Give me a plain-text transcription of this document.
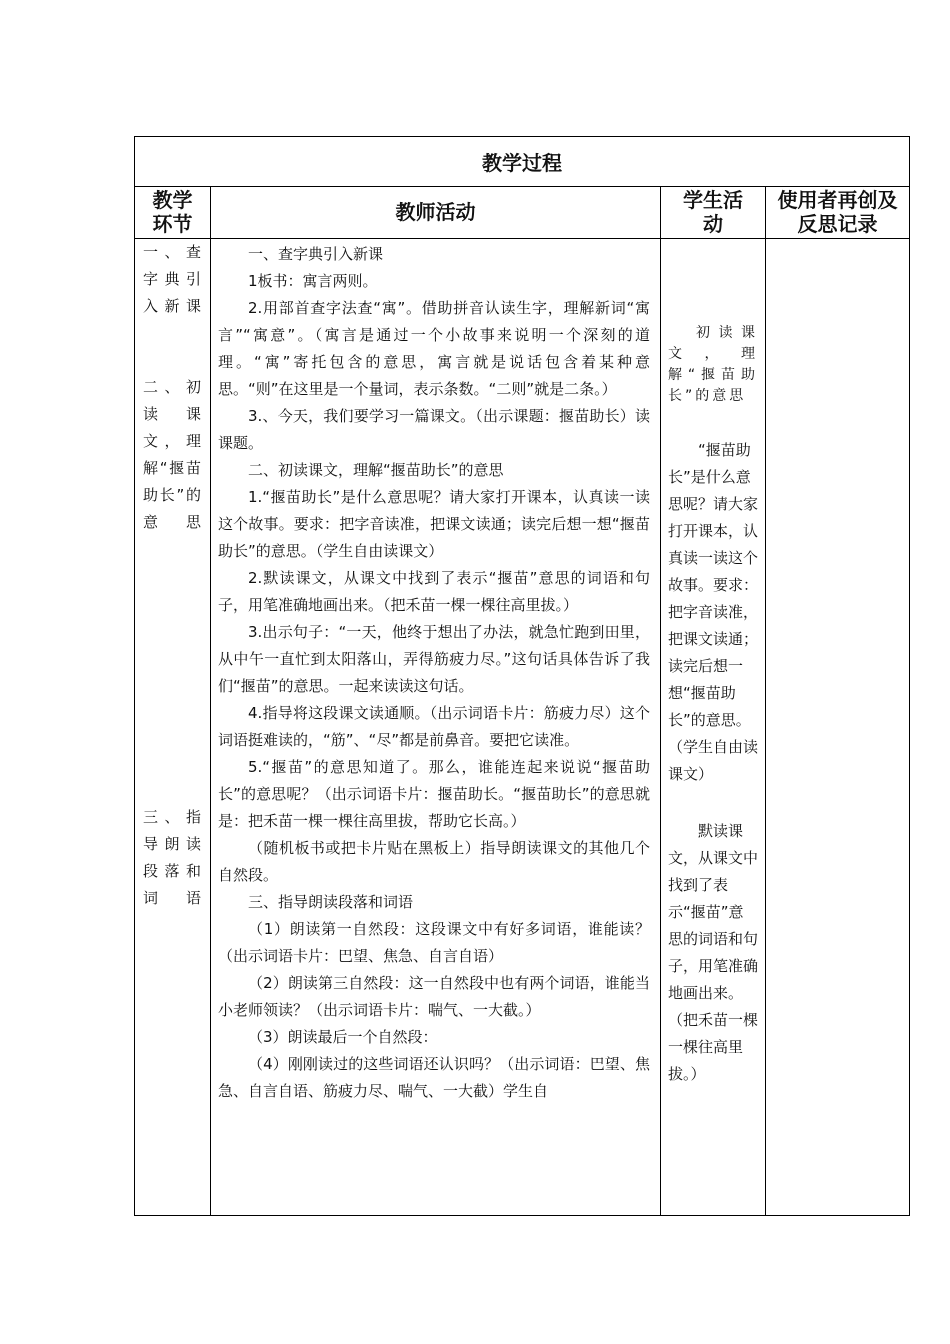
教学过程
教学环节	教师活动	学生活动
使用者再创及反思记录
一、查字典引入新课
二、初读课文，理解“揠苗助长”的意思
三、指导朗读段落和词语

一、查字典引入新课

1板书：寓言两则。

2.用部首查字法查“寓”。借助拼音认读生字，理解新词“寓言”“寓意”。（寓言是通过一个小故事来说明一个深刻的道理。“寓”寄托包含的意思，寓言就是说话包含着某种意思。“则”在这里是一个量词，表示条数。“二则”就是二条。）

3.、今天，我们要学习一篇课文。（出示课题：揠苗助长）读课题。

二、初读课文，理解“揠苗助长”的意思

1.“揠苗助长”是什么意思呢？请大家打开课本，认真读一读这个故事。要求：把字音读准，把课文读通；读完后想一想“揠苗助长”的意思。（学生自由读课文）

2.默读课文，从课文中找到了表示“揠苗”意思的词语和句子，用笔准确地画出来。（把禾苗一棵一棵往高里拔。）

3.出示句子：“一天，他终于想出了办法，就急忙跑到田里，从中午一直忙到太阳落山，弄得筋疲力尽。”这句话具体告诉了我们“揠苗”的意思。一起来读读这句话。

4.指导将这段课文读通顺。（出示词语卡片：筋疲力尽）这个词语挺难读的，“筋”、“尽”都是前鼻音。要把它读准。

5.“揠苗”的意思知道了。那么，谁能连起来说说“揠苗助长”的意思呢？（出示词语卡片：揠苗助长。“揠苗助长”的意思就是：把禾苗一棵一棵往高里拔，帮助它长高。）

（随机板书或把卡片贴在黑板上）指导朗读课文的其他几个自然段。

三、指导朗读段落和词语

（1）朗读第一自然段：这段课文中有好多词语，谁能读？（出示词语卡片：巴望、焦急、自言自语）

（2）朗读第三自然段：这一自然段中也有两个词语，谁能当小老师领读？（出示词语卡片：喘气、一大截。）

（3）朗读最后一个自然段：

（4）刚刚读过的这些词语还认识吗？（出示词语：巴望、焦急、自言自语、筋疲力尽、喘气、一大截）学生自

初读课文，理解“揠苗助长”的意思
“揠苗助长”是什么意思呢？请大家打开课本，认真读一读这个故事。要求：把字音读准，把课文读通；读完后想一想“揠苗助长”的意思。（学生自由读课文）
默读课文，从课文中找到了表示“揠苗”意思的词语和句子，用笔准确地画出来。（把禾苗一棵一棵往高里拔。）
